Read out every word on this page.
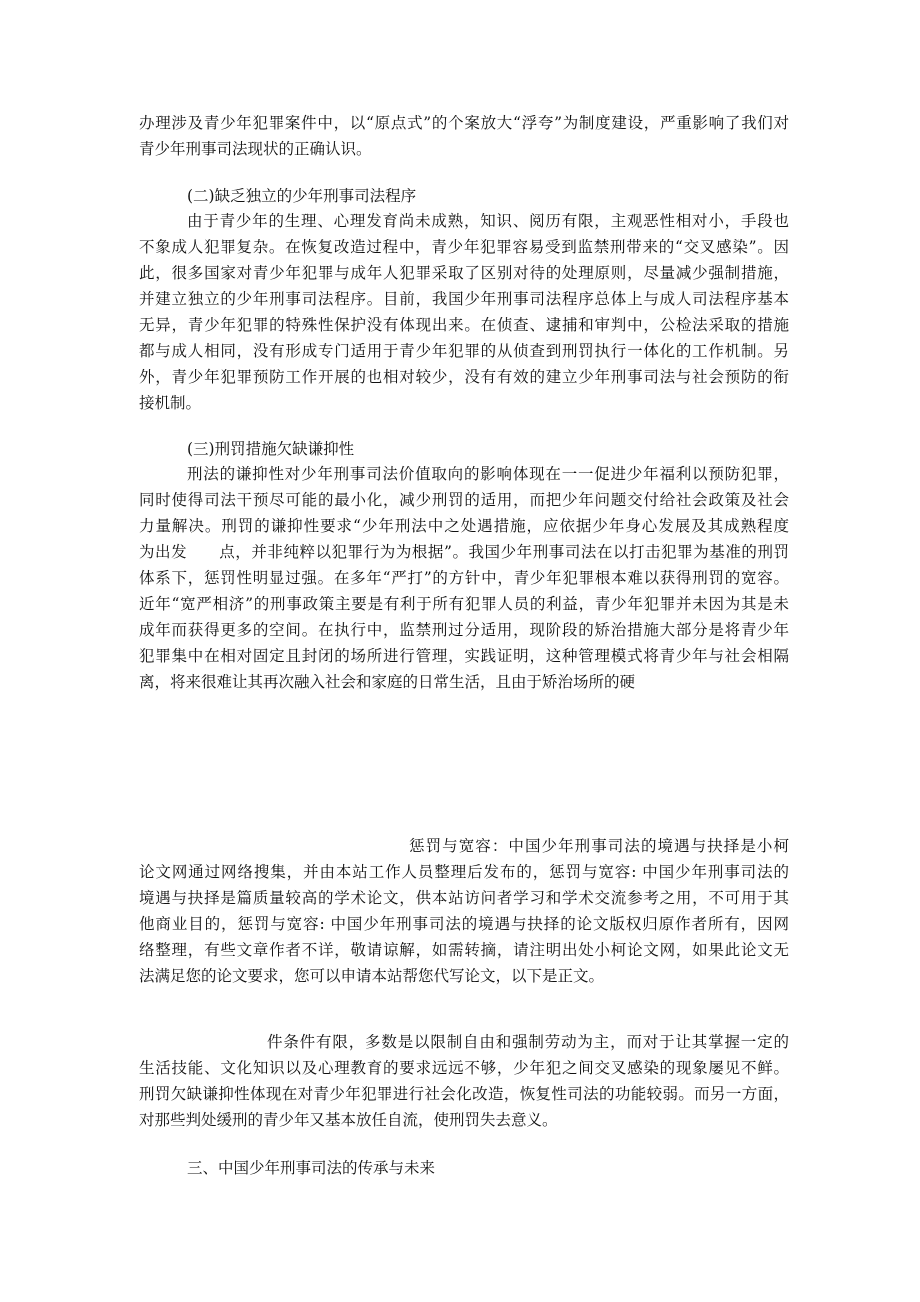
办理涉及青少年犯罪案件中，以“原点式”的个案放大“浮夸”为制度建设，严重影响了我们对
青少年刑事司法现状的正确认识。
(二)缺乏独立的少年刑事司法程序
由于青少年的生理、心理发育尚未成熟，知识、阅历有限，主观恶性相对小，手段也
不象成人犯罪复杂。在恢复改造过程中，青少年犯罪容易受到监禁刑带来的“交叉感染”。因
此，很多国家对青少年犯罪与成年人犯罪采取了区别对待的处理原则，尽量减少强制措施，
并建立独立的少年刑事司法程序。目前，我国少年刑事司法程序总体上与成人司法程序基本
无异，青少年犯罪的特殊性保护没有体现出来。在侦查、逮捕和审判中，公检法采取的措施
都与成人相同，没有形成专门适用于青少年犯罪的从侦查到刑罚执行一体化的工作机制。另
外，青少年犯罪预防工作开展的也相对较少，没有有效的建立少年刑事司法与社会预防的衔
接机制。
(三)刑罚措施欠缺谦抑性
刑法的谦抑性对少年刑事司法价值取向的影响体现在一一促进少年福利以预防犯罪，
同时使得司法干预尽可能的最小化，减少刑罚的适用，而把少年问题交付给社会政策及社会
力量解决。刑罚的谦抑性要求“少年刑法中之处遇措施，应依据少年身心发展及其成熟程度
为出发　　点，并非纯粹以犯罪行为为根据”。我国少年刑事司法在以打击犯罪为基准的刑罚
体系下，惩罚性明显过强。在多年“严打”的方针中，青少年犯罪根本难以获得刑罚的宽容。
近年“宽严相济”的刑事政策主要是有利于所有犯罪人员的利益，青少年犯罪并未因为其是未
成年而获得更多的空间。在执行中，监禁刑过分适用，现阶段的矫治措施大部分是将青少年
犯罪集中在相对固定且封闭的场所进行管理，实践证明，这种管理模式将青少年与社会相隔
离，将来很难让其再次融入社会和家庭的日常生活，且由于矫治场所的硬
惩罚与宽容：中国少年刑事司法的境遇与抉择是小柯
论文网通过网络搜集，并由本站工作人员整理后发布的，惩罚与宽容: 中国少年刑事司法的
境遇与抉择是篇质量较高的学术论文，供本站访问者学习和学术交流参考之用，不可用于其
他商业目的，惩罚与宽容: 中国少年刑事司法的境遇与抉择的论文版权归原作者所有，因网
络整理，有些文章作者不详，敬请谅解，如需转摘，请注明出处小柯论文网，如果此论文无
法满足您的论文要求，您可以申请本站帮您代写论文，以下是正文。
件条件有限，多数是以限制自由和强制劳动为主，而对于让其掌握一定的
生活技能、文化知识以及心理教育的要求远远不够，少年犯之间交叉感染的现象屡见不鲜。
刑罚欠缺谦抑性体现在对青少年犯罪进行社会化改造，恢复性司法的功能较弱。而另一方面，
对那些判处缓刑的青少年又基本放任自流，使刑罚失去意义。
三、中国少年刑事司法的传承与未来
